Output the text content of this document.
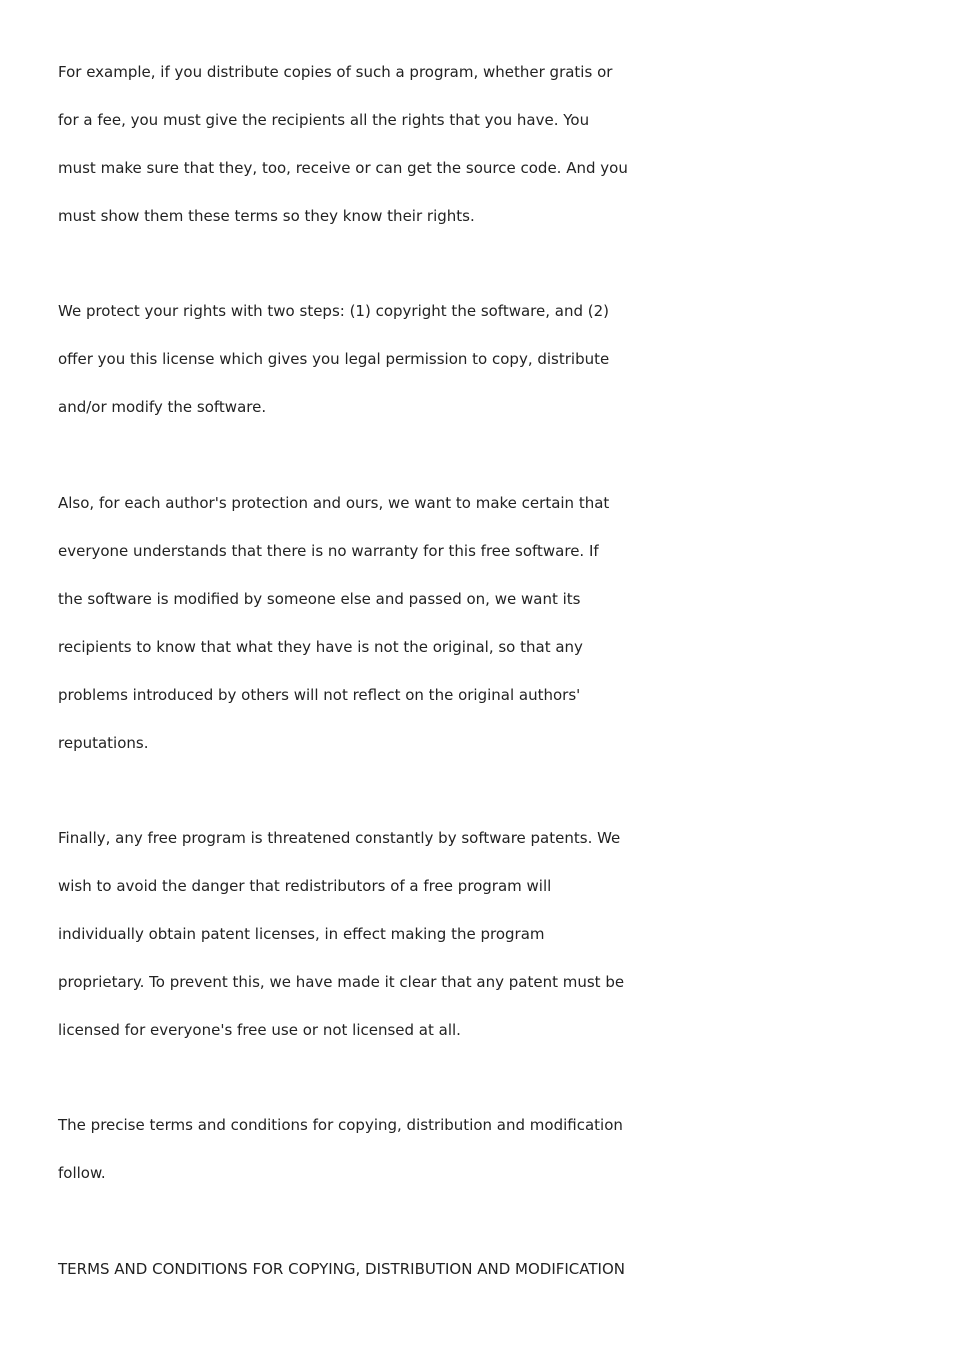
For example, if you distribute copies of such a program, whether gratis or
for a fee, you must give the recipients all the rights that you have. You
must make sure that they, too, receive or can get the source code. And you
must show them these terms so they know their rights.

We protect your rights with two steps: (1) copyright the software, and (2)
offer you this license which gives you legal permission to copy, distribute
and/or modify the software.

Also, for each author's protection and ours, we want to make certain that
everyone understands that there is no warranty for this free software. If
the software is modified by someone else and passed on, we want its
recipients to know that what they have is not the original, so that any
problems introduced by others will not reflect on the original authors'
reputations.

Finally, any free program is threatened constantly by software patents. We
wish to avoid the danger that redistributors of a free program will
individually obtain patent licenses, in effect making the program
proprietary. To prevent this, we have made it clear that any patent must be
licensed for everyone's free use or not licensed at all.

The precise terms and conditions for copying, distribution and modification
follow.

TERMS AND CONDITIONS FOR COPYING, DISTRIBUTION AND MODIFICATION
